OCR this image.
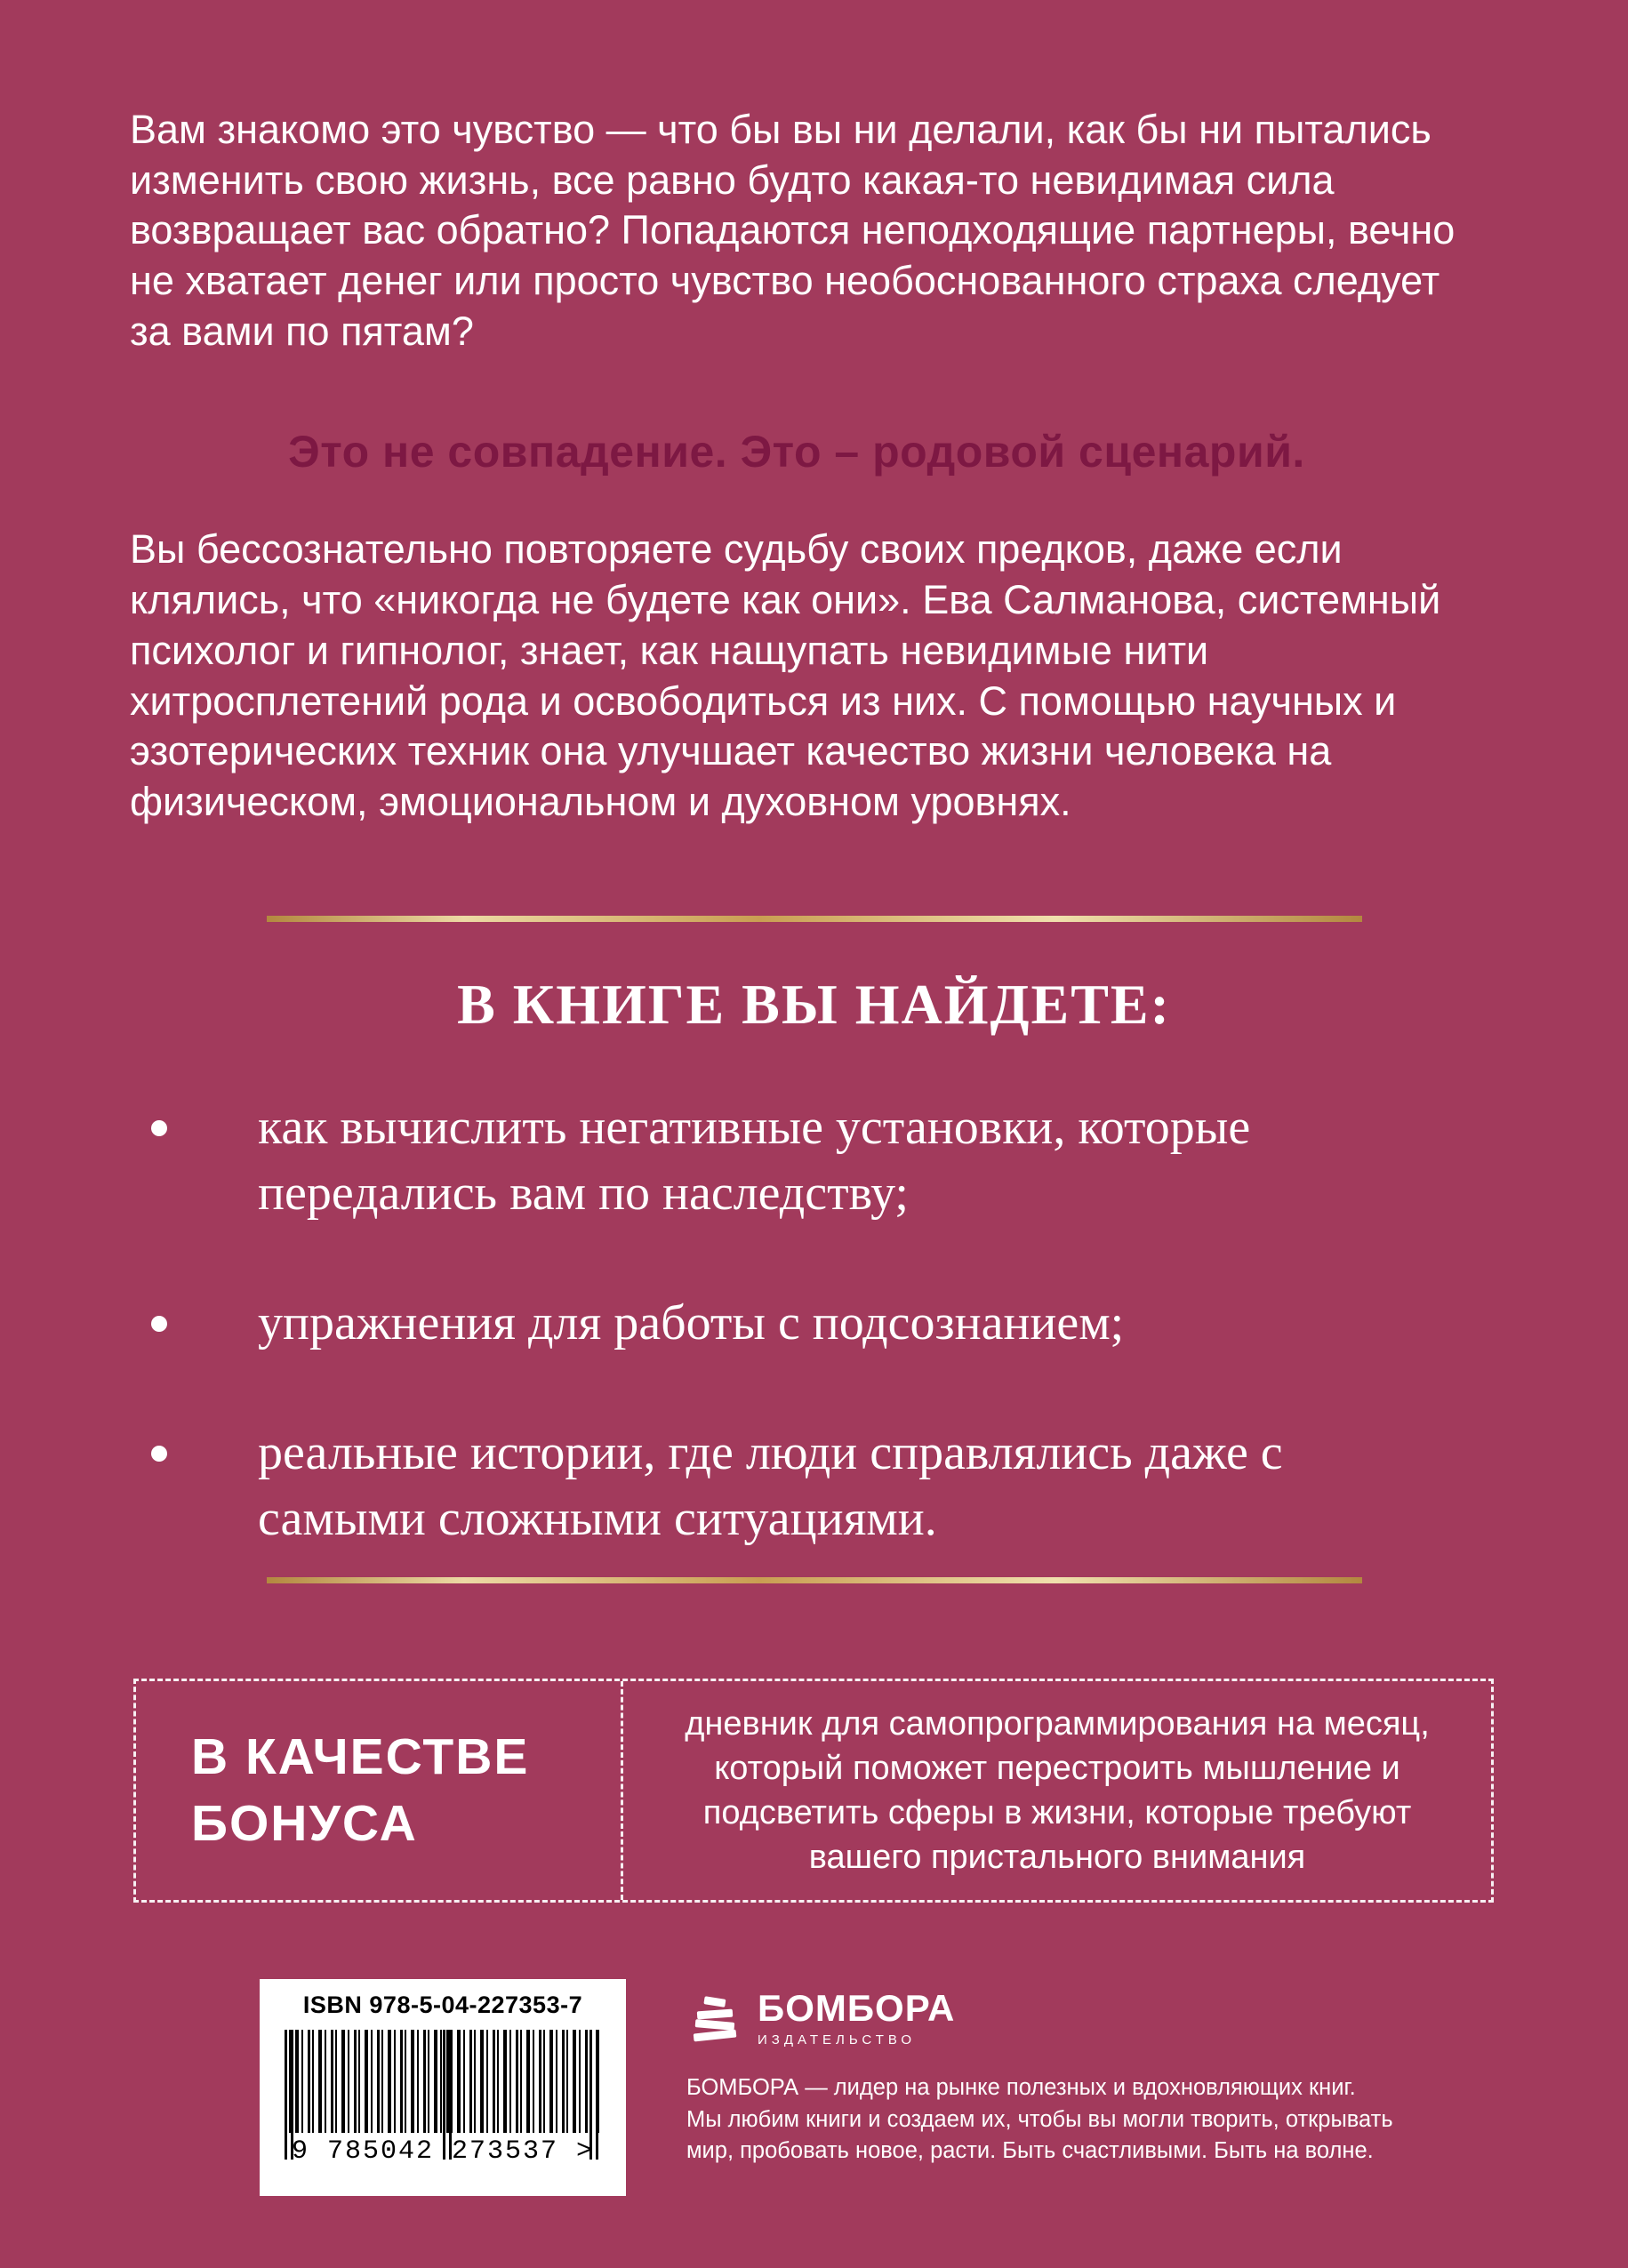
Вам знакомо это чувство — что бы вы ни делали, как бы ни пытались изменить свою жизнь, все равно будто какая-то невидимая сила возвращает вас обратно? Попадаются неподходящие партнеры, вечно не хватает денег или просто чувство необоснованного страха следует за вами по пятам?

Это не совпадение. Это – родовой сценарий.

Вы бессознательно повторяете судьбу своих предков, даже если клялись, что «никогда не будете как они». Ева Салманова, системный психолог и гипнолог, знает, как нащупать невидимые нити хитросплетений рода и освободиться из них. С помощью научных и эзотерических техник она улучшает качество жизни человека на физическом, эмоциональном и духовном уровнях.

В КНИГЕ ВЫ НАЙДЕТЕ:
как вычислить негативные установки, которые передались вам по наследству;
упражнения для работы с подсознанием;
реальные истории, где люди справлялись даже с самыми сложными ситуациями.
В КАЧЕСТВЕ БОНУСА
дневник для самопрограммирования на месяц, который поможет перестроить мышление и подсветить сферы в жизни, которые требуют вашего пристального внимания
ISBN 978-5-04-227353-7
9 785042 273537 >
БОМБОРА
ИЗДАТЕЛЬСТВО

БОМБОРА — лидер на рынке полезных и вдохновляющих книг.
Мы любим книги и создаем их, чтобы вы могли творить, открывать
мир, пробовать новое, расти. Быть счастливыми. Быть на волне.
